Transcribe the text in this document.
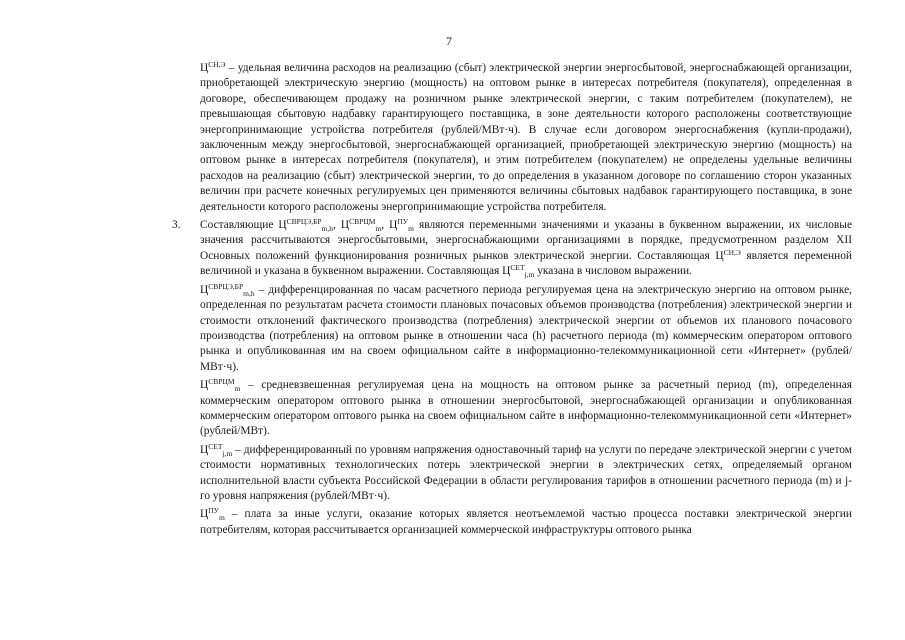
7

$Ц^{СН,Э}$ – удельная величина расходов на реализацию (сбыт) электрической энергии энергосбытовой, энергоснабжающей организации, приобретающей электрическую энергию (мощность) на оптовом рынке в интересах потребителя (покупателя), определенная в договоре, обеспечивающем продажу на розничном рынке электрической энергии, с таким потребителем (покупателем), не превышающая сбытовую надбавку гарантирующего поставщика, в зоне деятельности которого расположены соответствующие энергопринимающие устройства потребителя (рублей/МВт·ч). В случае если договором энергоснабжения (купли-продажи), заключенным между энергосбытовой, энергоснабжающей организацией, приобретающей электрическую энергию (мощность) на оптовом рынке в интересах потребителя (покупателя), и этим потребителем (покупателем) не определены удельные величины расходов на реализацию (сбыт) электрической энергии, то до определения в указанном договоре по соглашению сторон указанных величин при расчете конечных регулируемых цен применяются величины сбытовых надбавок гарантирующего поставщика, в зоне деятельности которого расположены энергопринимающие устройства потребителя.

3. Составляющие $Ц^{СВРЦЭ,БР}_{m,h}$, $Ц^{СВРЦМ}_m$, $Ц^{ПУ}_m$ являются переменными значениями и указаны в буквенном выражении, их числовые значения рассчитываются энергосбытовыми, энергоснабжающими организациями в порядке, предусмотренном разделом XII Основных положений функционирования розничных рынков электрической энергии. Составляющая $Ц^{СН,Э}$ является переменной величиной и указана в буквенном выражении. Составляющая $Ц^{СЕТ}_{j,m}$ указана в числовом выражении.

$Ц^{СВРЦЭ,БР}_{m,h}$ – дифференцированная по часам расчетного периода регулируемая цена на электрическую энергию на оптовом рынке, определенная по результатам расчета стоимости плановых почасовых объемов производства (потребления) электрической энергии и стоимости отклонений фактического производства (потребления) электрической энергии от объемов их планового почасового производства (потребления) на оптовом рынке в отношении часа (h) расчетного периода (m) коммерческим оператором оптового рынка и опубликованная им на своем официальном сайте в информационно-телекоммуникационной сети «Интернет» (рублей/МВт·ч).

$Ц^{СВРЦМ}_m$ – средневзвешенная регулируемая цена на мощность на оптовом рынке за расчетный период (m), определенная коммерческим оператором оптового рынка в отношении энергосбытовой, энергоснабжающей организации и опубликованная коммерческим оператором оптового рынка на своем официальном сайте в информационно-телекоммуникационной сети «Интернет» (рублей/МВт).

$Ц^{СЕТ}_{j,m}$ – дифференцированный по уровням напряжения одноставочный тариф на услуги по передаче электрической энергии с учетом стоимости нормативных технологических потерь электрической энергии в электрических сетях, определяемый органом исполнительной власти субъекта Российской Федерации в области регулирования тарифов в отношении расчетного периода (m) и j-го уровня напряжения (рублей/МВт·ч).

$Ц^{ПУ}_m$ – плата за иные услуги, оказание которых является неотъемлемой частью процесса поставки электрической энергии потребителям, которая рассчитывается организацией коммерческой инфраструктуры оптового рынка
